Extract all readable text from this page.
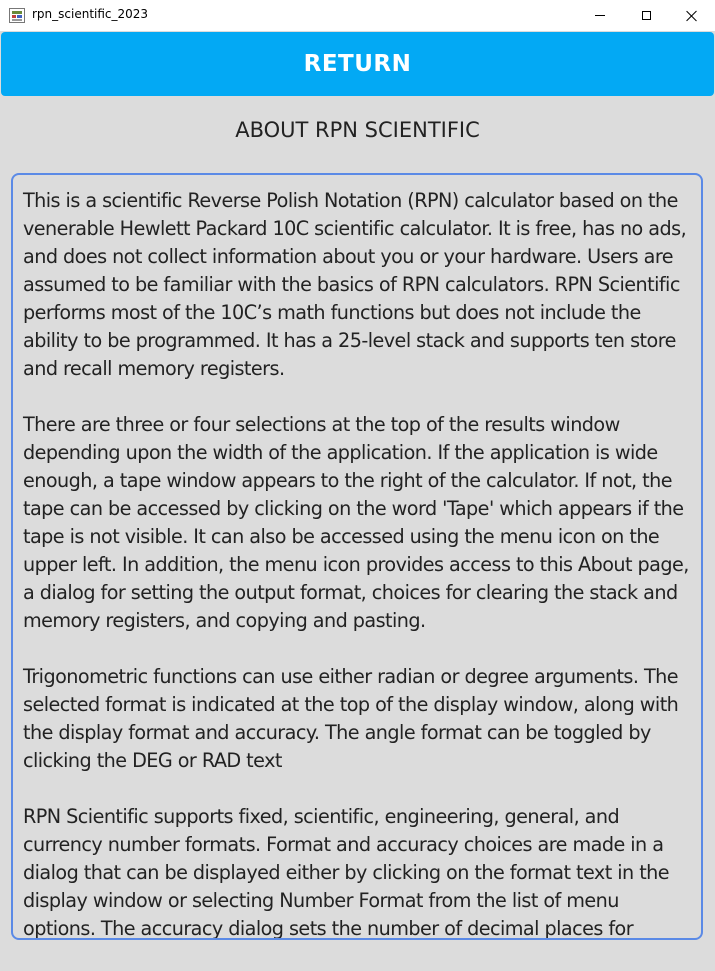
rpn_scientific_2023
RETURN
ABOUT RPN SCIENTIFIC

This is a scientific Reverse Polish Notation (RPN) calculator based on the venerable Hewlett Packard 10C scientific calculator. It is free, has no ads, and does not collect information about you or your hardware. Users are assumed to be familiar with the basics of RPN calculators. RPN Scientific performs most of the 10C’s math functions but does not include the ability to be programmed. It has a 25-level stack and supports ten store and recall memory registers.

There are three or four selections at the top of the results window depending upon the width of the application. If the application is wide enough, a tape window appears to the right of the calculator. If not, the tape can be accessed by clicking on the word 'Tape' which appears if the tape is not visible. It can also be accessed using the menu icon on the upper left. In addition, the menu icon provides access to this About page, a dialog for setting the output format, choices for clearing the stack and memory registers, and copying and pasting.

Trigonometric functions can use either radian or degree arguments. The selected format is indicated at the top of the display window, along with the display format and accuracy. The angle format can be toggled by clicking the DEG or RAD text

RPN Scientific supports fixed, scientific, engineering, general, and currency number formats. Format and accuracy choices are made in a dialog that can be displayed either by clicking on the format text in the display window or selecting Number Format from the list of menu options. The accuracy dialog sets the number of decimal places for
